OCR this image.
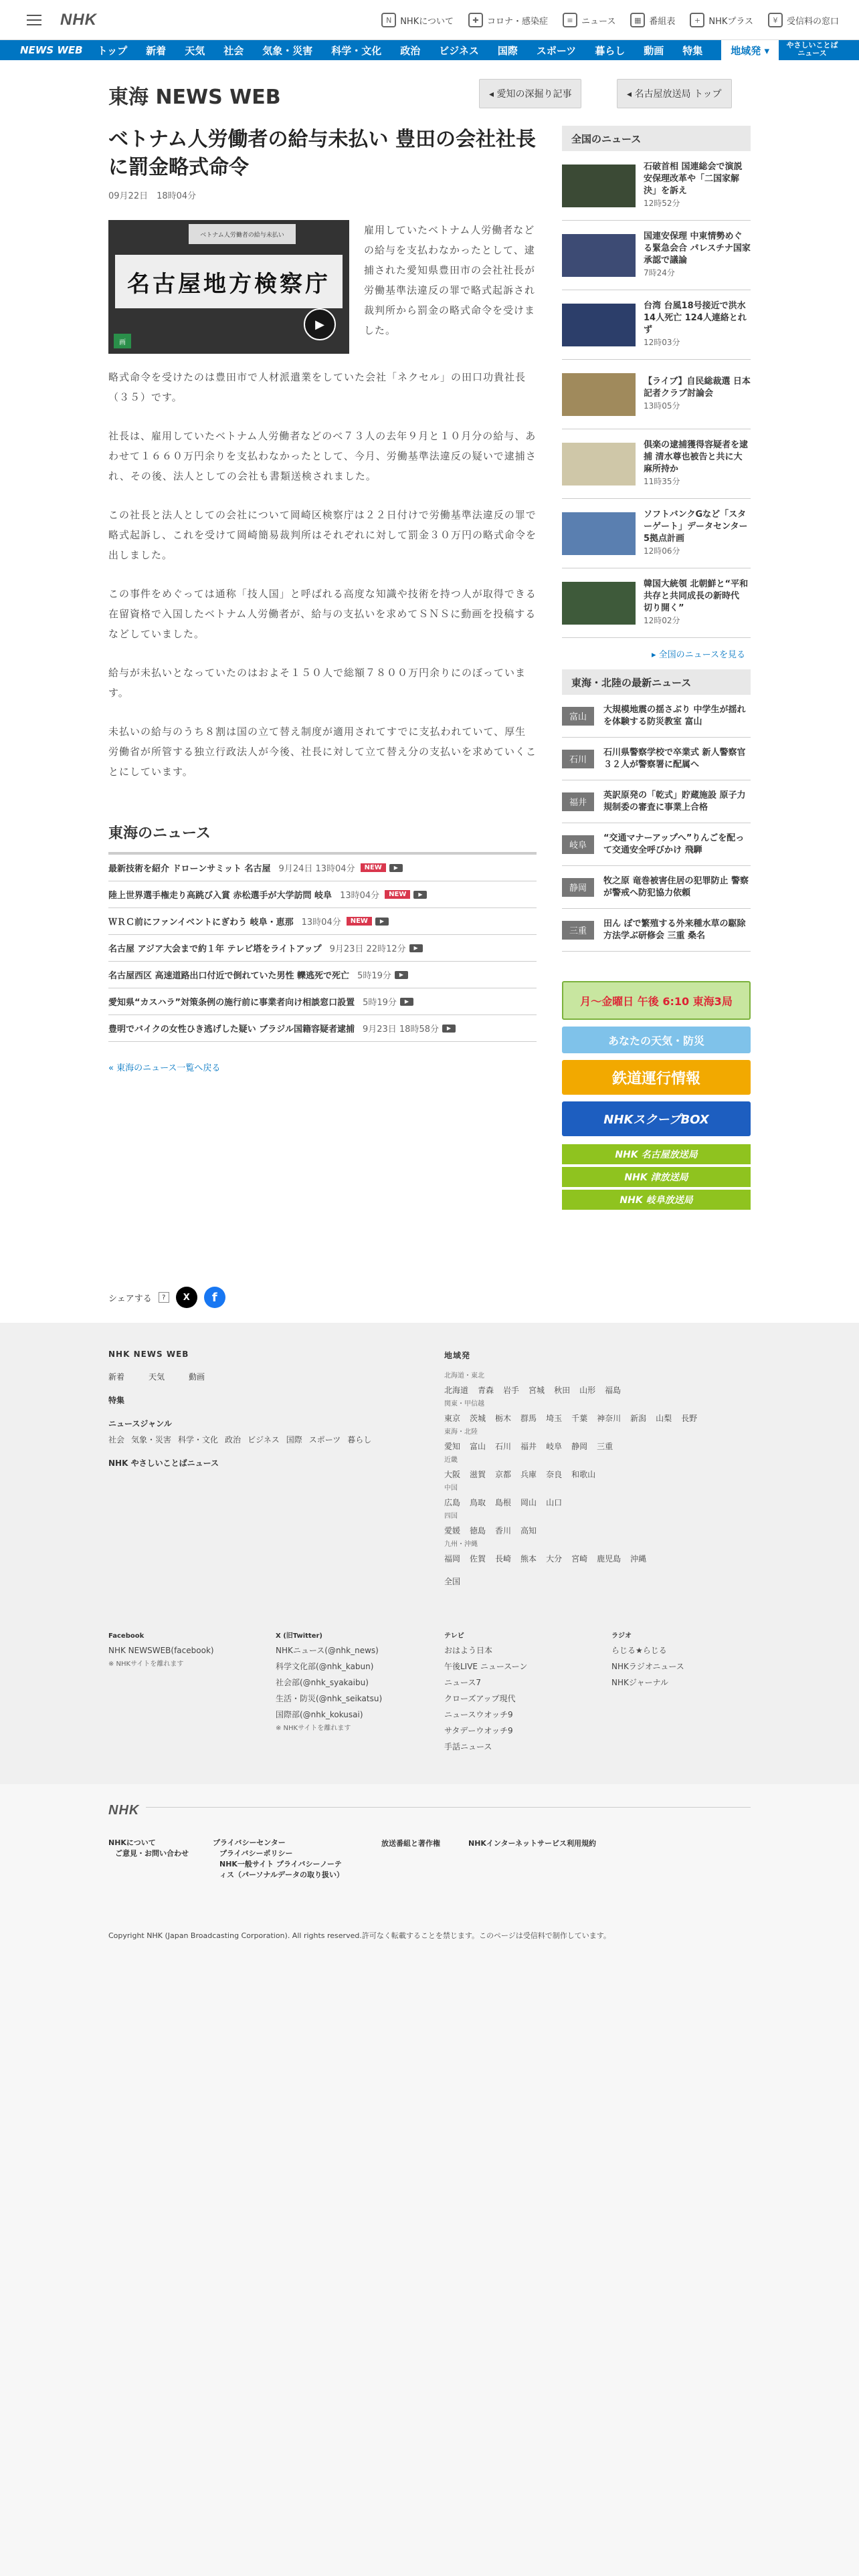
NHK	N NHKについて	✚ コロナ・感染症	≡ ニュース	▦ 番組表	+ NHKプラス	¥	受信料の窓口
NEWS WEB トップ 新着 天気 社会 気象・災害 科学・文化 政治 ビジネス 国際 スポーツ 暮らし 動画 特集	地域発 ▾	やさしいことば ニュース
東海 NEWS WEB	◂ 愛知の深掘り記事	◂ 名古屋放送局 トップ
ベトナム人労働者の給与未払い 豊田の会社社長に罰金略式命令
09月22日　18時04分
ベトナム人労働者の給与未払い
名古屋地方検察庁
画
▶

雇用していたベトナム人労働者などの給与を支払わなかったとして、逮捕された愛知県豊田市の会社社長が労働基準法違反の罪で略式起訴され裁判所から罰金の略式命令を受けました。

略式命令を受けたのは豊田市で人材派遣業をしていた会社「ネクセル」の田口功貴社長（３５）です。

社長は、雇用していたベトナム人労働者などのべ７３人の去年９月と１０月分の給与、あわせて１６６０万円余りを支払わなかったとして、今月、労働基準法違反の疑いで逮捕され、その後、法人としての会社も書類送検されました。

この社長と法人としての会社について岡崎区検察庁は２２日付けで労働基準法違反の罪で略式起訴し、これを受けて岡崎簡易裁判所はそれぞれに対して罰金３０万円の略式命令を出しました。

この事件をめぐっては通称「技人国」と呼ばれる高度な知識や技術を持つ人が取得できる在留資格で入国したベトナム人労働者が、給与の支払いを求めてＳＮＳに動画を投稿するなどしていました。

給与が未払いとなっていたのはおよそ１５０人で総額７８００万円余りにのぼっています。

未払いの給与のうち８割は国の立て替え制度が適用されてすでに支払われていて、厚生労働省が所管する独立行政法人が今後、社長に対して立て替え分の支払いを求めていくことにしています。

東海のニュース
最新技術を紹介 ドローンサミット 名古屋 9月24日 13時04分	NEW	▶
陸上世界選手権走り高跳び入賞 赤松選手が大学訪問 岐阜 13時04分	NEW	▶
ＷＲＣ前にファンイベントにぎわう 岐阜・恵那 13時04分	NEW	▶
名古屋 アジア大会まで約１年 テレビ塔をライトアップ 9月23日 22時12分	▶
名古屋西区 高速道路出口付近で倒れていた男性 轢逃死で死亡 5時19分	▶
愛知県“カスハラ”対策条例の施行前に事業者向け相談窓口設置 5時19分	▶
豊明でバイクの女性ひき逃げした疑い ブラジル国籍容疑者逮捕 9月23日 18時58分	▶
« 東海のニュース一覧へ戻る
全国のニュース
石破首相 国連総会で演説 安保理改革や「二国家解決」を訴え
12時52分
国連安保理 中東情勢めぐる緊急会合 パレスチナ国家承認で議論
7時24分
台湾 台風18号接近で洪水 14人死亡 124人連絡とれず
12時03分
【ライブ】自民総裁選 日本記者クラブ討論会
13時05分
倶楽の逮捕獲得容疑者を逮捕 清水尊也被告と共に大麻所持か
11時35分
ソフトバンクGなど「スターゲート」データセンター5拠点計画
12時06分
韓国大統領 北朝鮮と“平和共存と共同成長の新時代 切り開く”
12時02分
▸ 全国のニュースを見る
東海・北陸の最新ニュース
富山
大規模地震の揺さぶり 中学生が揺れを体験する防災教室 富山
石川
石川県警察学校で卒業式 新人警察官３２人が警察署に配属へ
福井
英訳原発の「乾式」貯蔵施設 原子力規制委の審査に事業上合格
岐阜
“交通マナーアップへ”りんごを配って交通安全呼びかけ 飛騨
静岡
牧之原 竜巻被害住居の犯罪防止 警察が警戒へ防犯協力依頼
三重
田ん ぼで繁殖する外来種水草の駆除方法学ぶ研修会 三重 桑名
月～金曜日 午後 6:10 東海3局
あなたの天気・防災
鉄道運行情報
NHKスクープBOX
NHK 名古屋放送局
NHK 津放送局
NHK 岐阜放送局
シェアする	?	X	f
NHK NEWS WEB
新着	天気	動画
特集
ニュースジャンル
社会 気象・災害 科学・文化 政治 ビジネス 国際 スポーツ 暮らし
NHK やさしいことばニュース
地域発
北海道・東北
北海道 青森 岩手 宮城 秋田 山形 福島
関東・甲信越
東京 茨城 栃木 群馬 埼玉 千葉 神奈川 新潟 山梨 長野
東海・北陸
愛知 富山 石川 福井 岐阜 静岡 三重
近畿
大阪 滋賀 京都 兵庫 奈良 和歌山
中国
広島 鳥取 島根 岡山 山口
四国
愛媛 徳島 香川 高知
九州・沖縄
福岡 佐賀 長崎 熊本 大分 宮崎 鹿児島 沖縄
全国
Facebook
NHK NEWSWEB(facebook)
※ NHKサイトを離れます
X (旧Twitter)
NHKニュース(@nhk_news)
科学文化部(@nhk_kabun)
社会部(@nhk_syakaibu)
生活・防災(@nhk_seikatsu)
国際部(@nhk_kokusai)
※ NHKサイトを離れます
テレビ
おはよう日本
午後LIVE ニュースーン
ニュース7
クローズアップ現代
ニュースウオッチ9
サタデーウオッチ9
手話ニュース
ラジオ
らじる★らじる
NHKラジオニュース
NHKジャーナル
NHK
NHKについて
ご意見・お問い合わせ
プライバシーセンター
プライバシーポリシー

NHK一般サイト プライバシーノーティス（パーソナルデータの取り扱い）
放送番組と著作権	NHKインターネットサービス利用規約
Copyright NHK (Japan Broadcasting Corporation). All rights reserved.許可なく転載することを禁じます。このページは受信料で制作しています。
